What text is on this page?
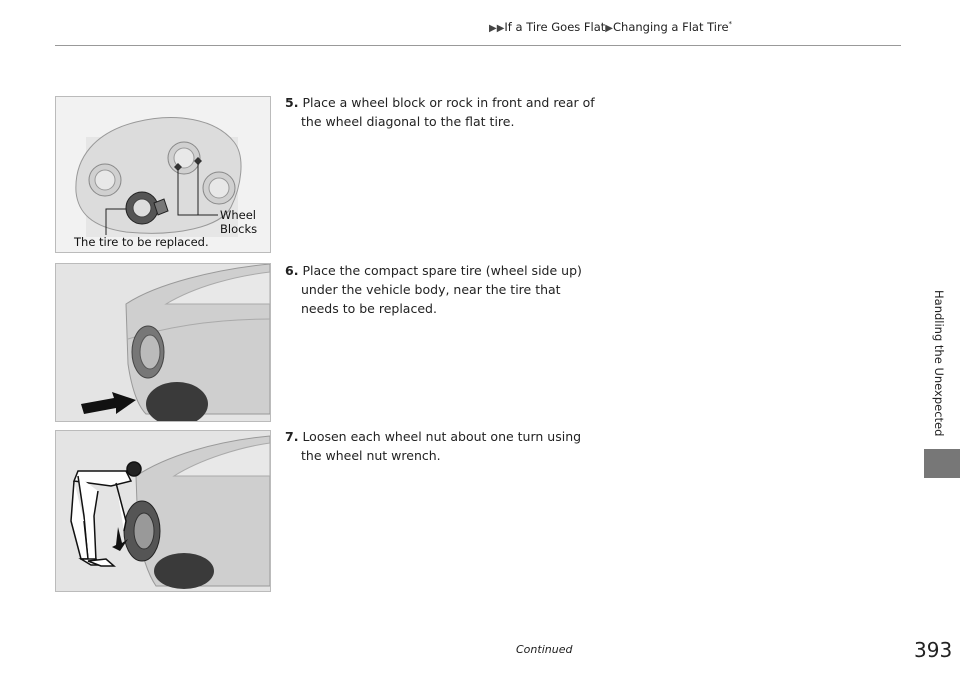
▶▶If a Tire Goes Flat▶Changing a Flat Tire*
Wheel
Blocks
The tire to be replaced.
5. Place a wheel block or rock in front and rear of the wheel diagonal to the flat tire.
6. Place the compact spare tire (wheel side up) under the vehicle body, near the tire that needs to be replaced.
7. Loosen each wheel nut about one turn using the wheel nut wrench.
Handling the Unexpected
Continued	393
